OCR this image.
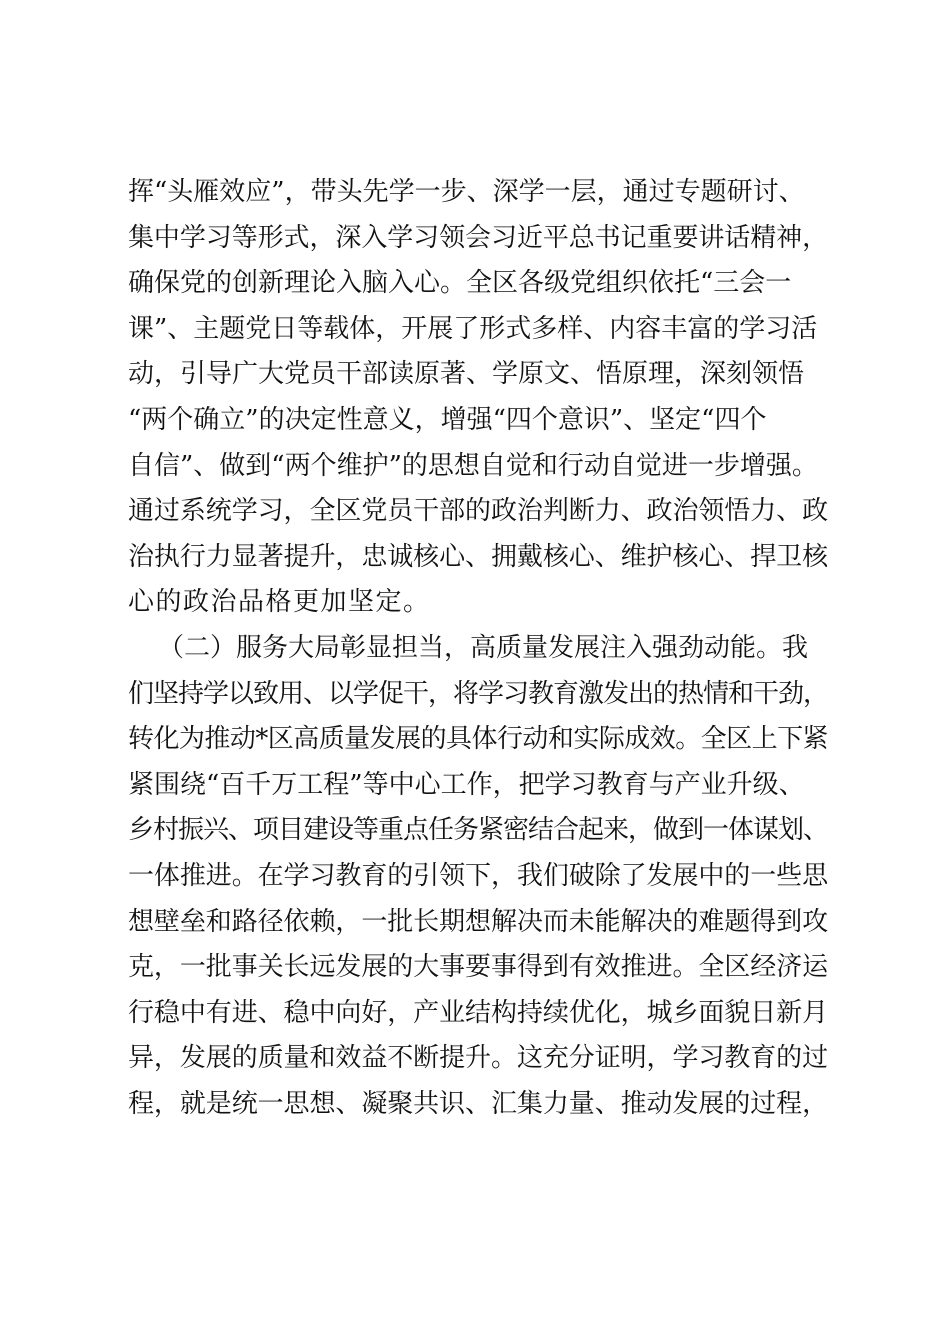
挥“头雁效应”，带头先学一步、深学一层，通过专题研讨、
集中学习等形式，深入学习领会习近平总书记重要讲话精神，
确保党的创新理论入脑入心。全区各级党组织依托“三会一
课”、主题党日等载体，开展了形式多样、内容丰富的学习活
动，引导广大党员干部读原著、学原文、悟原理，深刻领悟
“两个确立”的决定性意义，增强“四个意识”、坚定“四个
自信”、做到“两个维护”的思想自觉和行动自觉进一步增强。
通过系统学习，全区党员干部的政治判断力、政治领悟力、政
治执行力显著提升，忠诚核心、拥戴核心、维护核心、捍卫核
心的政治品格更加坚定。
（二）服务大局彰显担当，高质量发展注入强劲动能。我
们坚持学以致用、以学促干，将学习教育激发出的热情和干劲，
转化为推动*区高质量发展的具体行动和实际成效。全区上下紧
紧围绕“百千万工程”等中心工作，把学习教育与产业升级、
乡村振兴、项目建设等重点任务紧密结合起来，做到一体谋划、
一体推进。在学习教育的引领下，我们破除了发展中的一些思
想壁垒和路径依赖，一批长期想解决而未能解决的难题得到攻
克，一批事关长远发展的大事要事得到有效推进。全区经济运
行稳中有进、稳中向好，产业结构持续优化，城乡面貌日新月
异，发展的质量和效益不断提升。这充分证明，学习教育的过
程，就是统一思想、凝聚共识、汇集力量、推动发展的过程，
